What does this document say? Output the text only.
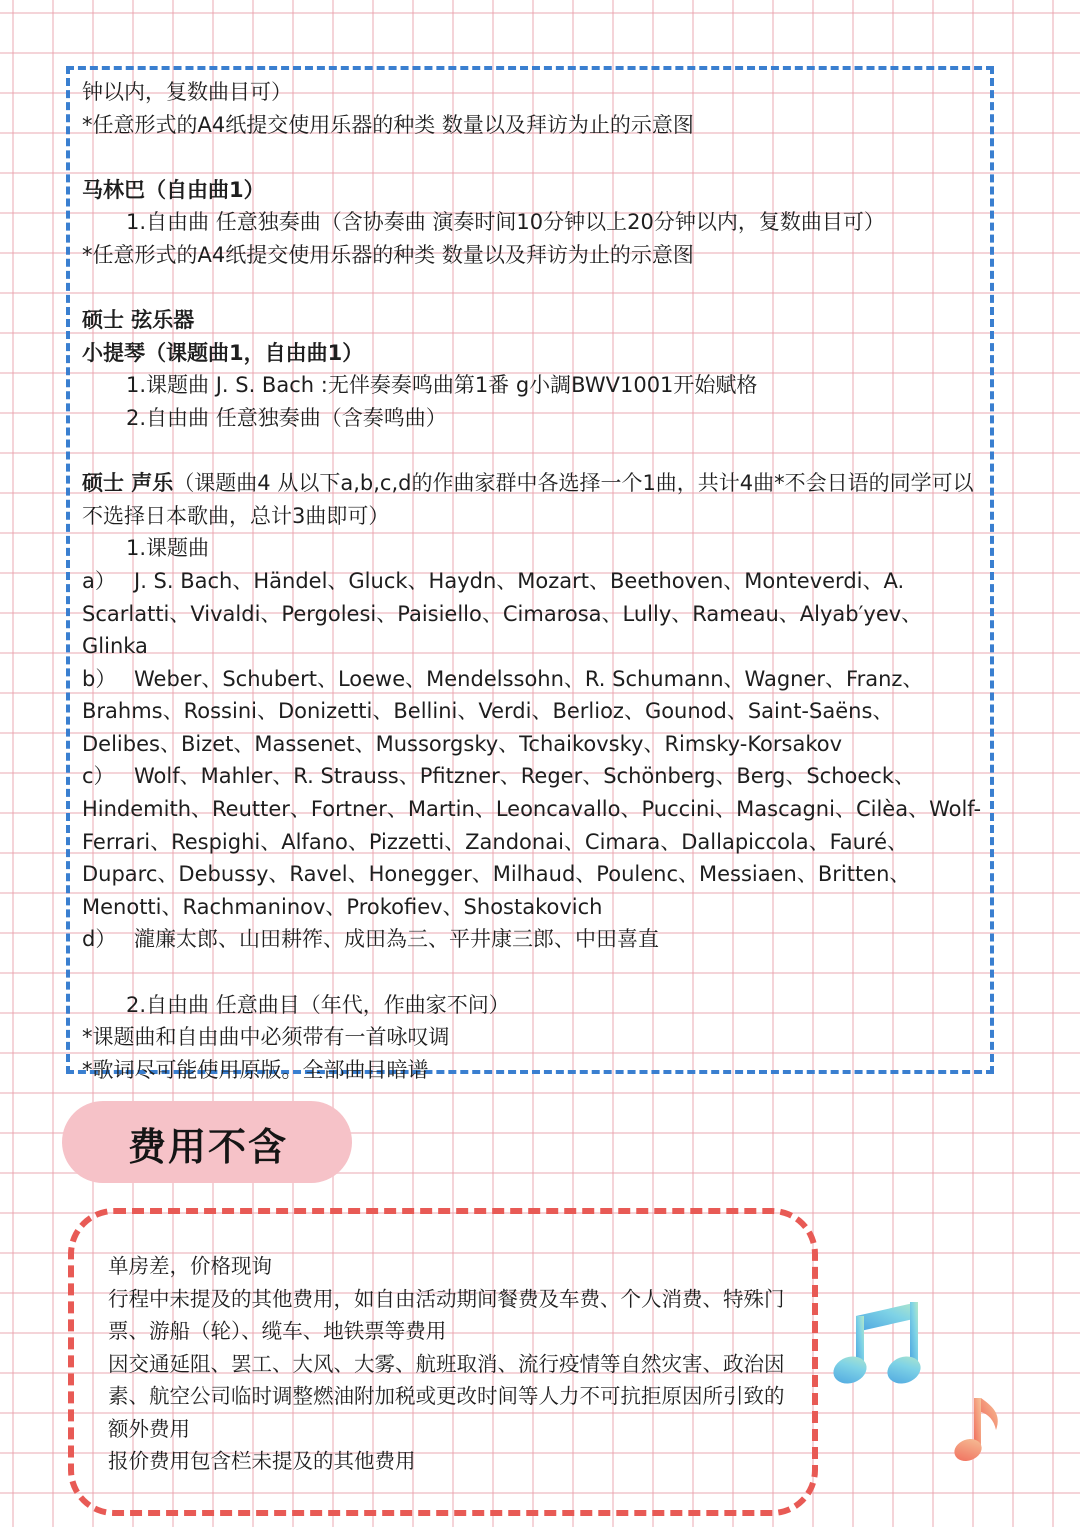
钟以内，复数曲目可）
*任意形式的A4纸提交使用乐器的种类 数量以及拜访为止的示意图
马林巴（自由曲1）
1.自由曲 任意独奏曲（含协奏曲 演奏时间10分钟以上20分钟以内，复数曲目可）
*任意形式的A4纸提交使用乐器的种类 数量以及拜访为止的示意图
硕士 弦乐器
小提琴（课题曲1，自由曲1）
1.课题曲 J. S. Bach :无伴奏奏鸣曲第1番 g小調BWV1001开始赋格
2.自由曲 任意独奏曲（含奏鸣曲）
硕士 声乐（课题曲4 从以下a,b,c,d的作曲家群中各选择一个1曲，共计4曲*不会日语的同学可以不选择日本歌曲，总计3曲即可）
1.课题曲
a） J. S. Bach、Händel、Gluck、Haydn、Mozart、Beethoven、Monteverdi、A. Scarlatti、Vivaldi、Pergolesi、Paisiello、Cimarosa、Lully、Rameau、Alyab′yev、Glinka
b） Weber、Schubert、Loewe、Mendelssohn、R. Schumann、Wagner、Franz、Brahms、Rossini、Donizetti、Bellini、Verdi、Berlioz、Gounod、Saint-Saëns、Delibes、Bizet、Massenet、Mussorgsky、Tchaikovsky、Rimsky-Korsakov
c） Wolf、Mahler、R. Strauss、Pfitzner、Reger、Schönberg、Berg、Schoeck、Hindemith、Reutter、Fortner、Martin、Leoncavallo、Puccini、Mascagni、Cilèa、Wolf-Ferrari、Respighi、Alfano、Pizzetti、Zandonai、Cimara、Dallapiccola、Fauré、Duparc、Debussy、Ravel、Honegger、Milhaud、Poulenc、Messiaen、Britten、Menotti、Rachmaninov、Prokofiev、Shostakovich
d） 瀧廉太郎、山田耕筰、成田為三、平井康三郎、中田喜直
2.自由曲 任意曲目（年代，作曲家不问）
*课题曲和自由曲中必须带有一首咏叹调
*歌词尽可能使用原版。全部曲目暗谱
费用不含
单房差，价格现询
行程中未提及的其他费用，如自由活动期间餐费及车费、个人消费、特殊门票、游船（轮）、缆车、地铁票等费用
因交通延阻、罢工、大风、大雾、航班取消、流行疫情等自然灾害、政治因素、航空公司临时调整燃油附加税或更改时间等人力不可抗拒原因所引致的额外费用
报价费用包含栏未提及的其他费用
